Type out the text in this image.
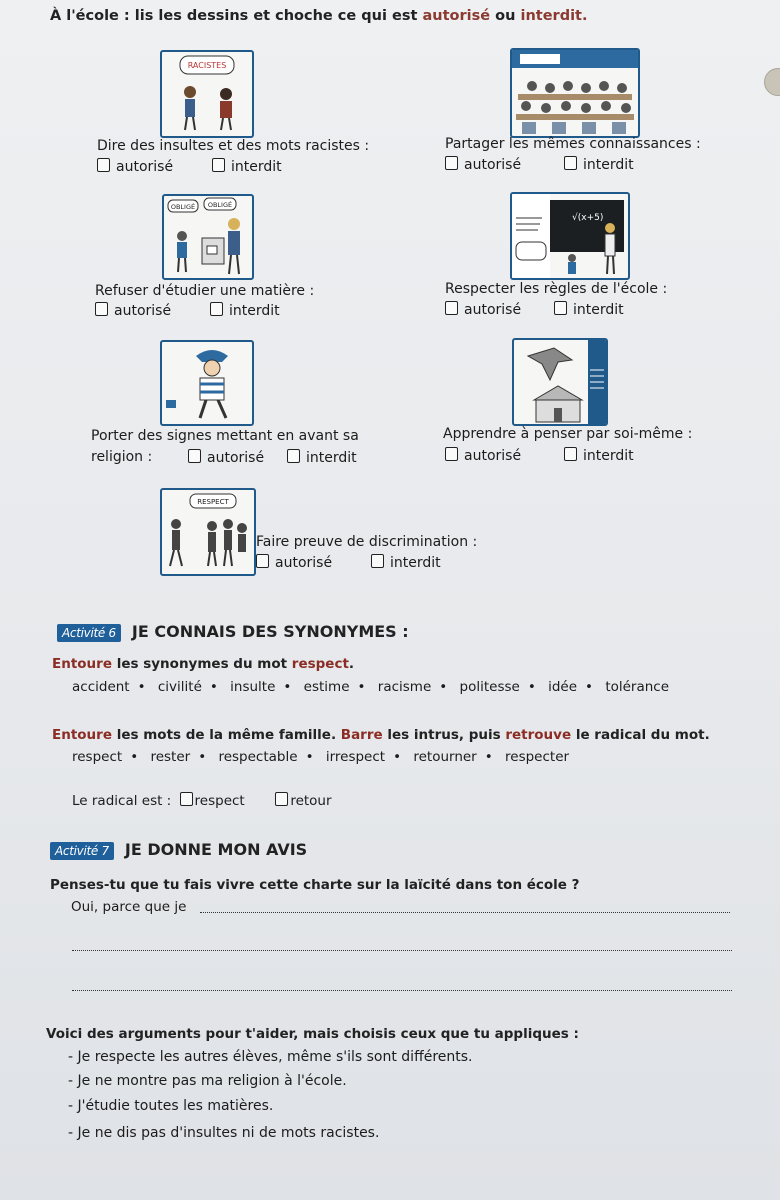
À l'école : lis les dessins et choche ce qui est autorisé ou interdit.
RACISTES
Dire des insultes et des mots racistes :
autorisé	interdit
Partager les mêmes connaissances :
autorisé	interdit
OBLIGÉ OBLIGÉ
Refuser d'étudier une matière :
autorisé	interdit
√(x+5)
Respecter les règles de l'école :
autorisé	interdit
Porter des signes mettant en avant sa
religion :	autorisé	interdit
Apprendre à penser par soi-même :
autorisé	interdit
RESPECT
Faire preuve de discrimination :
autorisé	interdit
Activité 6 JE CONNAIS DES SYNONYMES :
Entoure les synonymes du mot respect.
accident • civilité • insulte • estime • racisme • politesse • idée • tolérance
Entoure les mots de la même famille. Barre les intrus, puis retrouve le radical du mot.
respect • rester • respectable • irrespect • retourner • respecter
Le radical est : respect	retour
Activité 7 JE DONNE MON AVIS
Penses-tu que tu fais vivre cette charte sur la laïcité dans ton école ?
Oui, parce que je
Voici des arguments pour t'aider, mais choisis ceux que tu appliques :
- Je respecte les autres élèves, même s'ils sont différents.
- Je ne montre pas ma religion à l'école.
- J'étudie toutes les matières.
- Je ne dis pas d'insultes ni de mots racistes.
